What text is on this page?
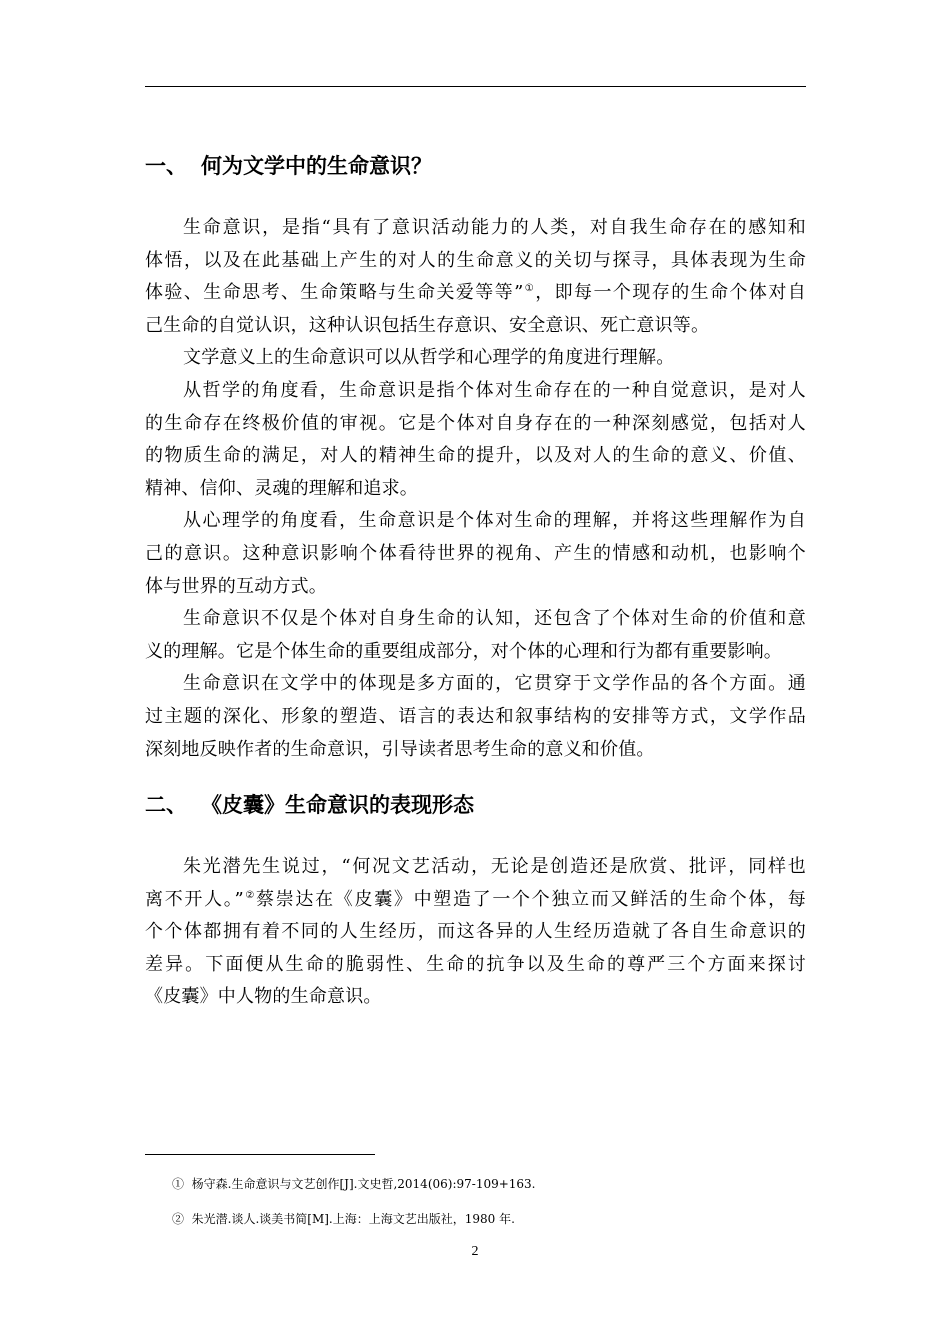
一、 何为文学中的生命意识？
生命意识，是指“具有了意识活动能力的人类，对自我生命存在的感知和
体悟，以及在此基础上产生的对人的生命意义的关切与探寻，具体表现为生命
体验、生命思考、生命策略与生命关爱等等”①，即每一个现存的生命个体对自
己生命的自觉认识，这种认识包括生存意识、安全意识、死亡意识等。
文学意义上的生命意识可以从哲学和心理学的角度进行理解。
从哲学的角度看，生命意识是指个体对生命存在的一种自觉意识，是对人
的生命存在终极价值的审视。它是个体对自身存在的一种深刻感觉，包括对人
的物质生命的满足，对人的精神生命的提升，以及对人的生命的意义、价值、
精神、信仰、灵魂的理解和追求。
从心理学的角度看，生命意识是个体对生命的理解，并将这些理解作为自
己的意识。这种意识影响个体看待世界的视角、产生的情感和动机，也影响个
体与世界的互动方式。
生命意识不仅是个体对自身生命的认知，还包含了个体对生命的价值和意
义的理解。它是个体生命的重要组成部分，对个体的心理和行为都有重要影响。
生命意识在文学中的体现是多方面的，它贯穿于文学作品的各个方面。通
过主题的深化、形象的塑造、语言的表达和叙事结构的安排等方式，文学作品
深刻地反映作者的生命意识，引导读者思考生命的意义和价值。
二、 《皮囊》生命意识的表现形态
朱光潜先生说过，“何况文艺活动，无论是创造还是欣赏、批评，同样也
离不开人。”②蔡崇达在《皮囊》中塑造了一个个独立而又鲜活的生命个体，每
个个体都拥有着不同的人生经历，而这各异的人生经历造就了各自生命意识的
差异。下面便从生命的脆弱性、生命的抗争以及生命的尊严三个方面来探讨
《皮囊》中人物的生命意识。

① 杨守森.生命意识与文艺创作[J].文史哲,2014(06):97-109+163.

② 朱光潜.谈人.谈美书简[M].上海：上海文艺出版社，1980 年.

2
